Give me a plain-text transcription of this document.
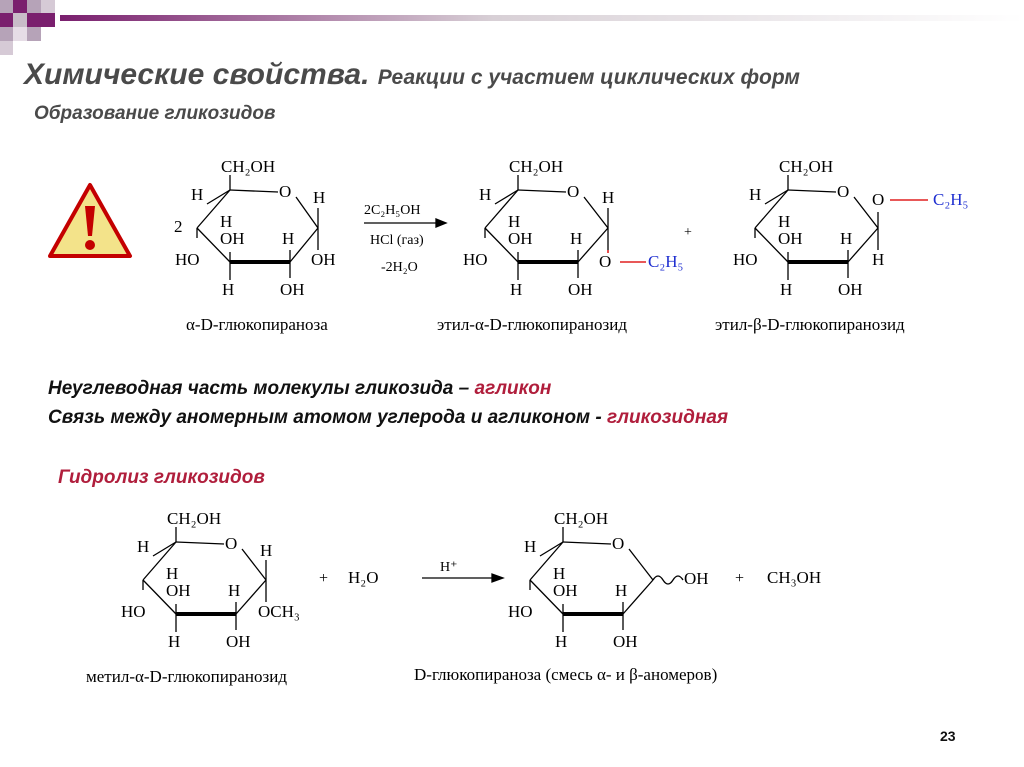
Химические свойства. Реакции с участием циклических форм
Образование гликозидов
CH₂OH
O H
H
2 H
OH H
HO	OH
H	OH
2C₂H₅OH
HCl (газ)
-2H₂O
CH₂OH
O H
H
H
OH H
HO	O C₂H₅
H	OH
+
CH₂OH
O O	C₂H₅
H
H
OH H
HO	H
H	OH
α-D-глюкопираноза	этил-α-D-глюкопиранозид	этил-β-D-глюкопиранозид
CH₂OH
O H
H
H
OH H
HO	OCH₃
H	OH
+ H₂O
H⁺
CH₂OH
O
H
H
OH H
HO
OH
H	OH
+ CH₃OH
метил-α-D-глюкопиранозид	D-глюкопираноза (смесь α- и β-аномеров)
Неуглеводная часть молекулы гликозида – агликон
Связь между аномерным атомом углерода и агликоном - гликозидная
Гидролиз гликозидов
23
